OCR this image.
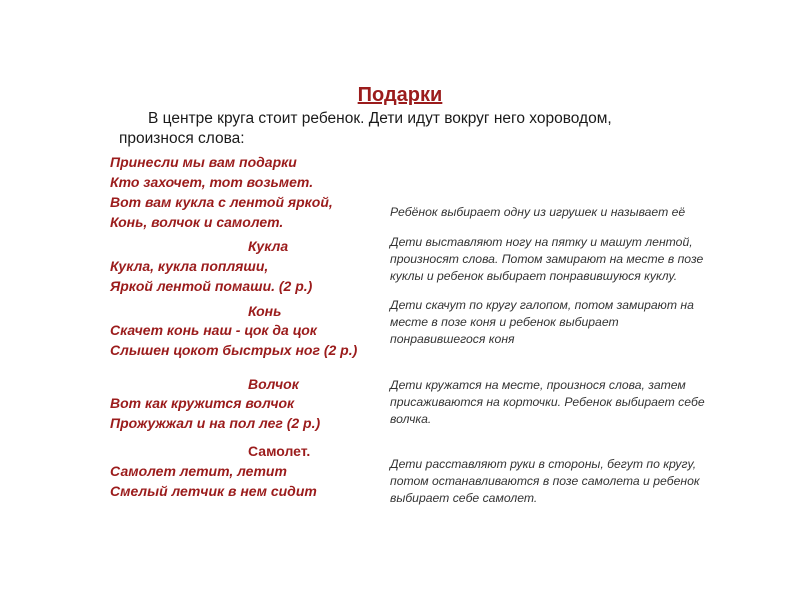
Подарки
В центре круга стоит ребенок. Дети идут вокруг него хороводом,
произнося слова:
Принесли мы вам подарки
Кто захочет, тот возьмет.
Вот вам кукла с лентой яркой,
Конь, волчок и самолет.
Ребёнок выбирает одну из игрушек и называет её
Кукла
Кукла, кукла попляши,
Яркой лентой помаши. (2 р.)
Дети выставляют ногу на пятку и машут лентой,
произносят слова. Потом замирают на месте в позе
куклы и ребенок выбирает понравившуюся куклу.
Конь
Скачет конь наш - цок да цок
Слышен цокот быстрых ног (2 р.)
Дети скачут по кругу галопом, потом замирают на
месте в позе коня и ребенок выбирает
понравившегося коня
Волчок
Вот как кружится волчок
Прожужжал и на пол лег (2 р.)
Дети кружатся на месте, произнося слова, затем
присаживаются на корточки. Ребенок выбирает себе
волчка.
Самолет.
Самолет летит, летит
Смелый летчик в нем сидит
Дети расставляют руки в стороны, бегут по кругу,
потом останавливаются в позе самолета и ребенок
выбирает себе самолет.
